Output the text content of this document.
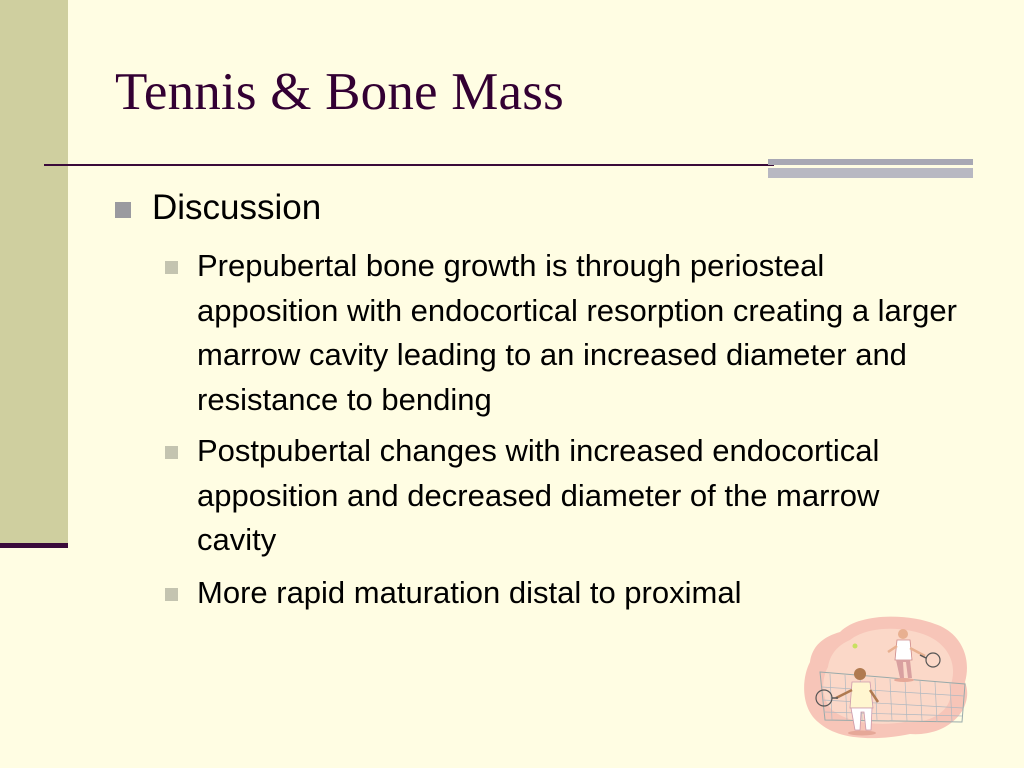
Tennis & Bone Mass
Discussion
Prepubertal bone growth is through periosteal apposition with endocortical resorption creating a larger marrow cavity leading to an increased diameter and resistance to bending
Postpubertal changes with increased endocortical apposition and decreased diameter of the marrow cavity
More rapid maturation distal to proximal
